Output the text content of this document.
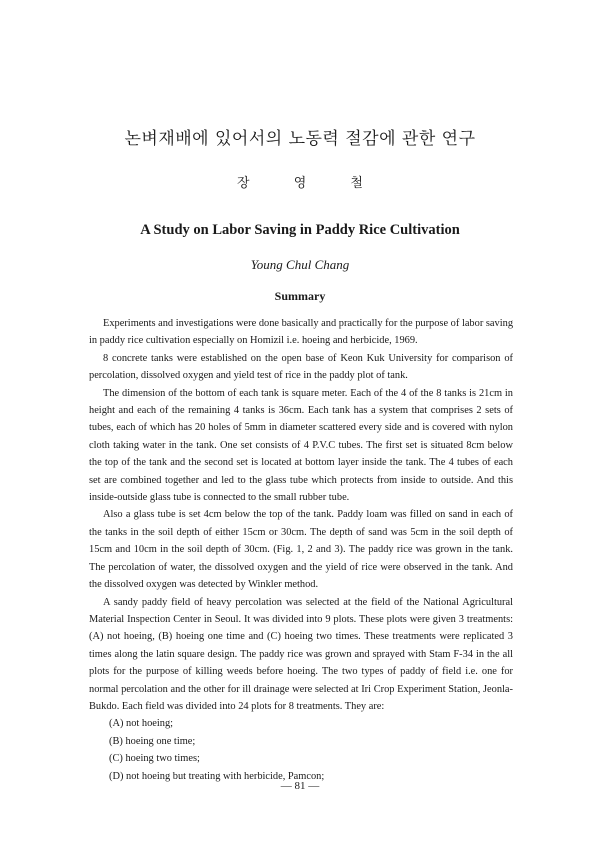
논벼재배에 있어서의 노동력 절감에 관한 연구
장 영 철
A Study on Labor Saving in Paddy Rice Cultivation
Young Chul Chang
Summary

Experiments and investigations were done basically and practically for the purpose of labor saving in paddy rice cultivation especially on Homizil i.e. hoeing and herbicide, 1969.

8 concrete tanks were established on the open base of Keon Kuk University for comparison of percolation, dissolved oxygen and yield test of rice in the paddy plot of tank.

The dimension of the bottom of each tank is square meter. Each of the 4 of the 8 tanks is 21cm in height and each of the remaining 4 tanks is 36cm. Each tank has a system that comprises 2 sets of tubes, each of which has 20 holes of 5mm in diameter scattered every side and is covered with nylon cloth taking water in the tank. One set consists of 4 P.V.C tubes. The first set is situated 8cm below the top of the tank and the second set is located at bottom layer inside the tank. The 4 tubes of each set are combined together and led to the glass tube which protects from inside to outside. And this inside-outside glass tube is connected to the small rubber tube.

Also a glass tube is set 4cm below the top of the tank. Paddy loam was filled on sand in each of the tanks in the soil depth of either 15cm or 30cm. The depth of sand was 5cm in the soil depth of 15cm and 10cm in the soil depth of 30cm. (Fig. 1, 2 and 3). The paddy rice was grown in the tank. The percolation of water, the dissolved oxygen and the yield of rice were observed in the tank. And the dissolved oxygen was detected by Winkler method.

A sandy paddy field of heavy percolation was selected at the field of the National Agricultural Material Inspection Center in Seoul. It was divided into 9 plots. These plots were given 3 treatments: (A) not hoeing, (B) hoeing one time and (C) hoeing two times. These treatments were replicated 3 times along the latin square design. The paddy rice was grown and sprayed with Stam F-34 in the all plots for the purpose of killing weeds before hoeing. The two types of paddy of field i.e. one for normal percolation and the other for ill drainage were selected at Iri Crop Experiment Station, Jeonla-Bukdo. Each field was divided into 24 plots for 8 treatments. They are:

(A) not hoeing;
(B) hoeing one time;
(C) hoeing two times;
(D) not hoeing but treating with herbicide, Pamcon;
— 81 —
